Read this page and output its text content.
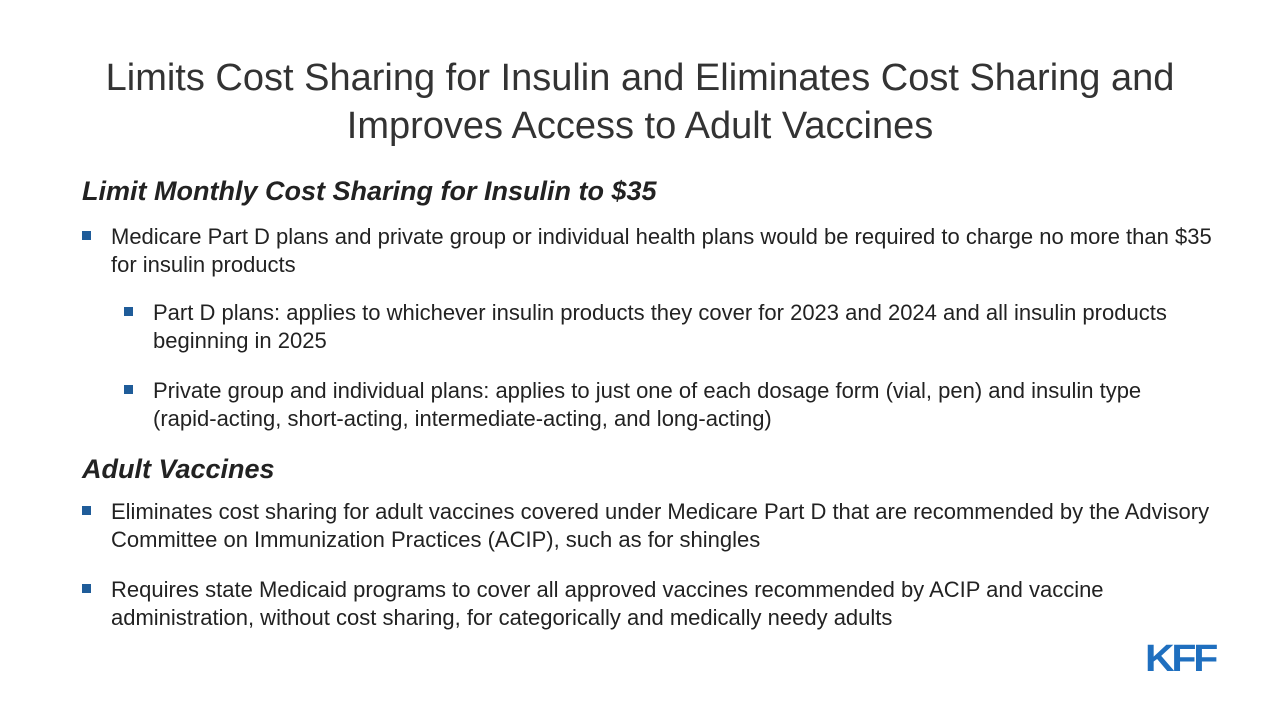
Limits Cost Sharing for Insulin and Eliminates Cost Sharing and
Improves Access to Adult Vaccines
Limit Monthly Cost Sharing for Insulin to $35
Medicare Part D plans and private group or individual health plans would be required to charge no more than $35 for insulin products
Part D plans: applies to whichever insulin products they cover for 2023 and 2024 and all insulin products beginning in 2025
Private group and individual plans: applies to just one of each dosage form (vial, pen) and insulin type (rapid-acting, short-acting, intermediate-acting, and long-acting)
Adult Vaccines
Eliminates cost sharing for adult vaccines covered under Medicare Part D that are recommended by the Advisory Committee on Immunization Practices (ACIP), such as for shingles
Requires state Medicaid programs to cover all approved vaccines recommended by ACIP and vaccine administration, without cost sharing, for categorically and medically needy adults
KFF
